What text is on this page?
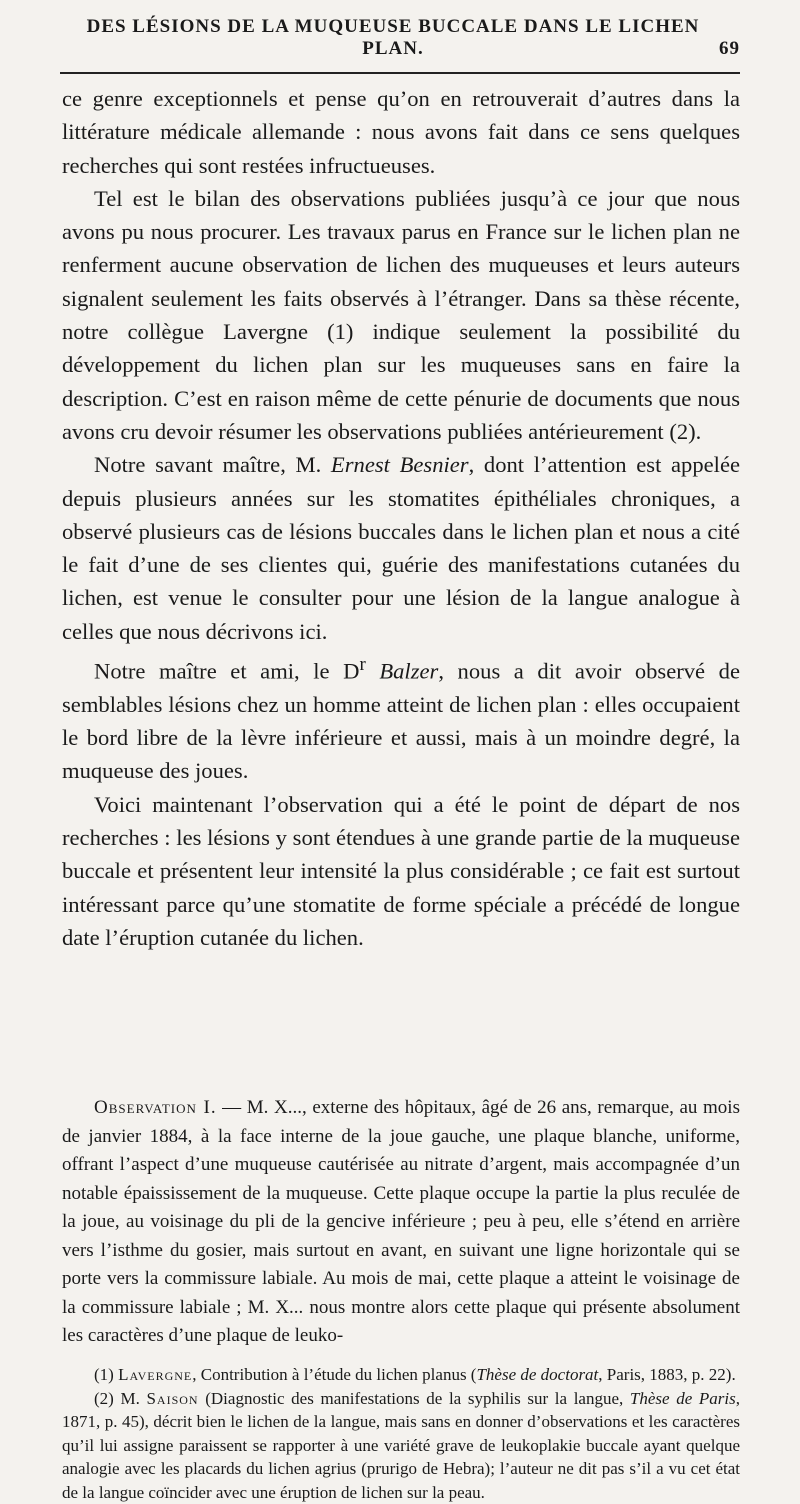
DES LÉSIONS DE LA MUQUEUSE BUCCALE DANS LE LICHEN PLAN.	69

ce genre exceptionnels et pense qu’on en retrouverait d’autres dans la littérature médicale allemande : nous avons fait dans ce sens quelques recherches qui sont restées infructueuses.

Tel est le bilan des observations publiées jusqu’à ce jour que nous avons pu nous procurer. Les travaux parus en France sur le lichen plan ne renferment aucune observation de lichen des muqueuses et leurs auteurs signalent seulement les faits observés à l’étranger. Dans sa thèse récente, notre collègue Lavergne (1) indique seulement la possibilité du développement du lichen plan sur les muqueuses sans en faire la description. C’est en raison même de cette pénurie de documents que nous avons cru devoir résumer les observations publiées antérieurement (2).

Notre savant maître, M. Ernest Besnier, dont l’attention est appelée depuis plusieurs années sur les stomatites épithéliales chroniques, a observé plusieurs cas de lésions buccales dans le lichen plan et nous a cité le fait d’une de ses clientes qui, guérie des manifestations cutanées du lichen, est venue le consulter pour une lésion de la langue analogue à celles que nous décrivons ici.

Notre maître et ami, le $D^r$ Balzer, nous a dit avoir observé de semblables lésions chez un homme atteint de lichen plan : elles occupaient le bord libre de la lèvre inférieure et aussi, mais à un moindre degré, la muqueuse des joues.

Voici maintenant l’observation qui a été le point de départ de nos recherches : les lésions y sont étendues à une grande partie de la muqueuse buccale et présentent leur intensité la plus considérable ; ce fait est surtout intéressant parce qu’une stomatite de forme spéciale a précédé de longue date l’éruption cutanée du lichen.

Observation I. — M. X..., externe des hôpitaux, âgé de 26 ans, remarque, au mois de janvier 1884, à la face interne de la joue gauche, une plaque blanche, uniforme, offrant l’aspect d’une muqueuse cautérisée au nitrate d’argent, mais accompagnée d’un notable épaississement de la muqueuse. Cette plaque occupe la partie la plus reculée de la joue, au voisinage du pli de la gencive inférieure ; peu à peu, elle s’étend en arrière vers l’isthme du gosier, mais surtout en avant, en suivant une ligne horizontale qui se porte vers la commissure labiale. Au mois de mai, cette plaque a atteint le voisinage de la commissure labiale ; M. X... nous montre alors cette plaque qui présente absolument les caractères d’une plaque de leuko-

(1) Lavergne, Contribution à l’étude du lichen planus (Thèse de doctorat, Paris, 1883, p. 22).

(2) M. Saison (Diagnostic des manifestations de la syphilis sur la langue, Thèse de Paris, 1871, p. 45), décrit bien le lichen de la langue, mais sans en donner d’observations et les caractères qu’il lui assigne paraissent se rapporter à une variété grave de leukoplakie buccale ayant quelque analogie avec les placards du lichen agrius (prurigo de Hebra); l’auteur ne dit pas s’il a vu cet état de la langue coïncider avec une éruption de lichen sur la peau.
